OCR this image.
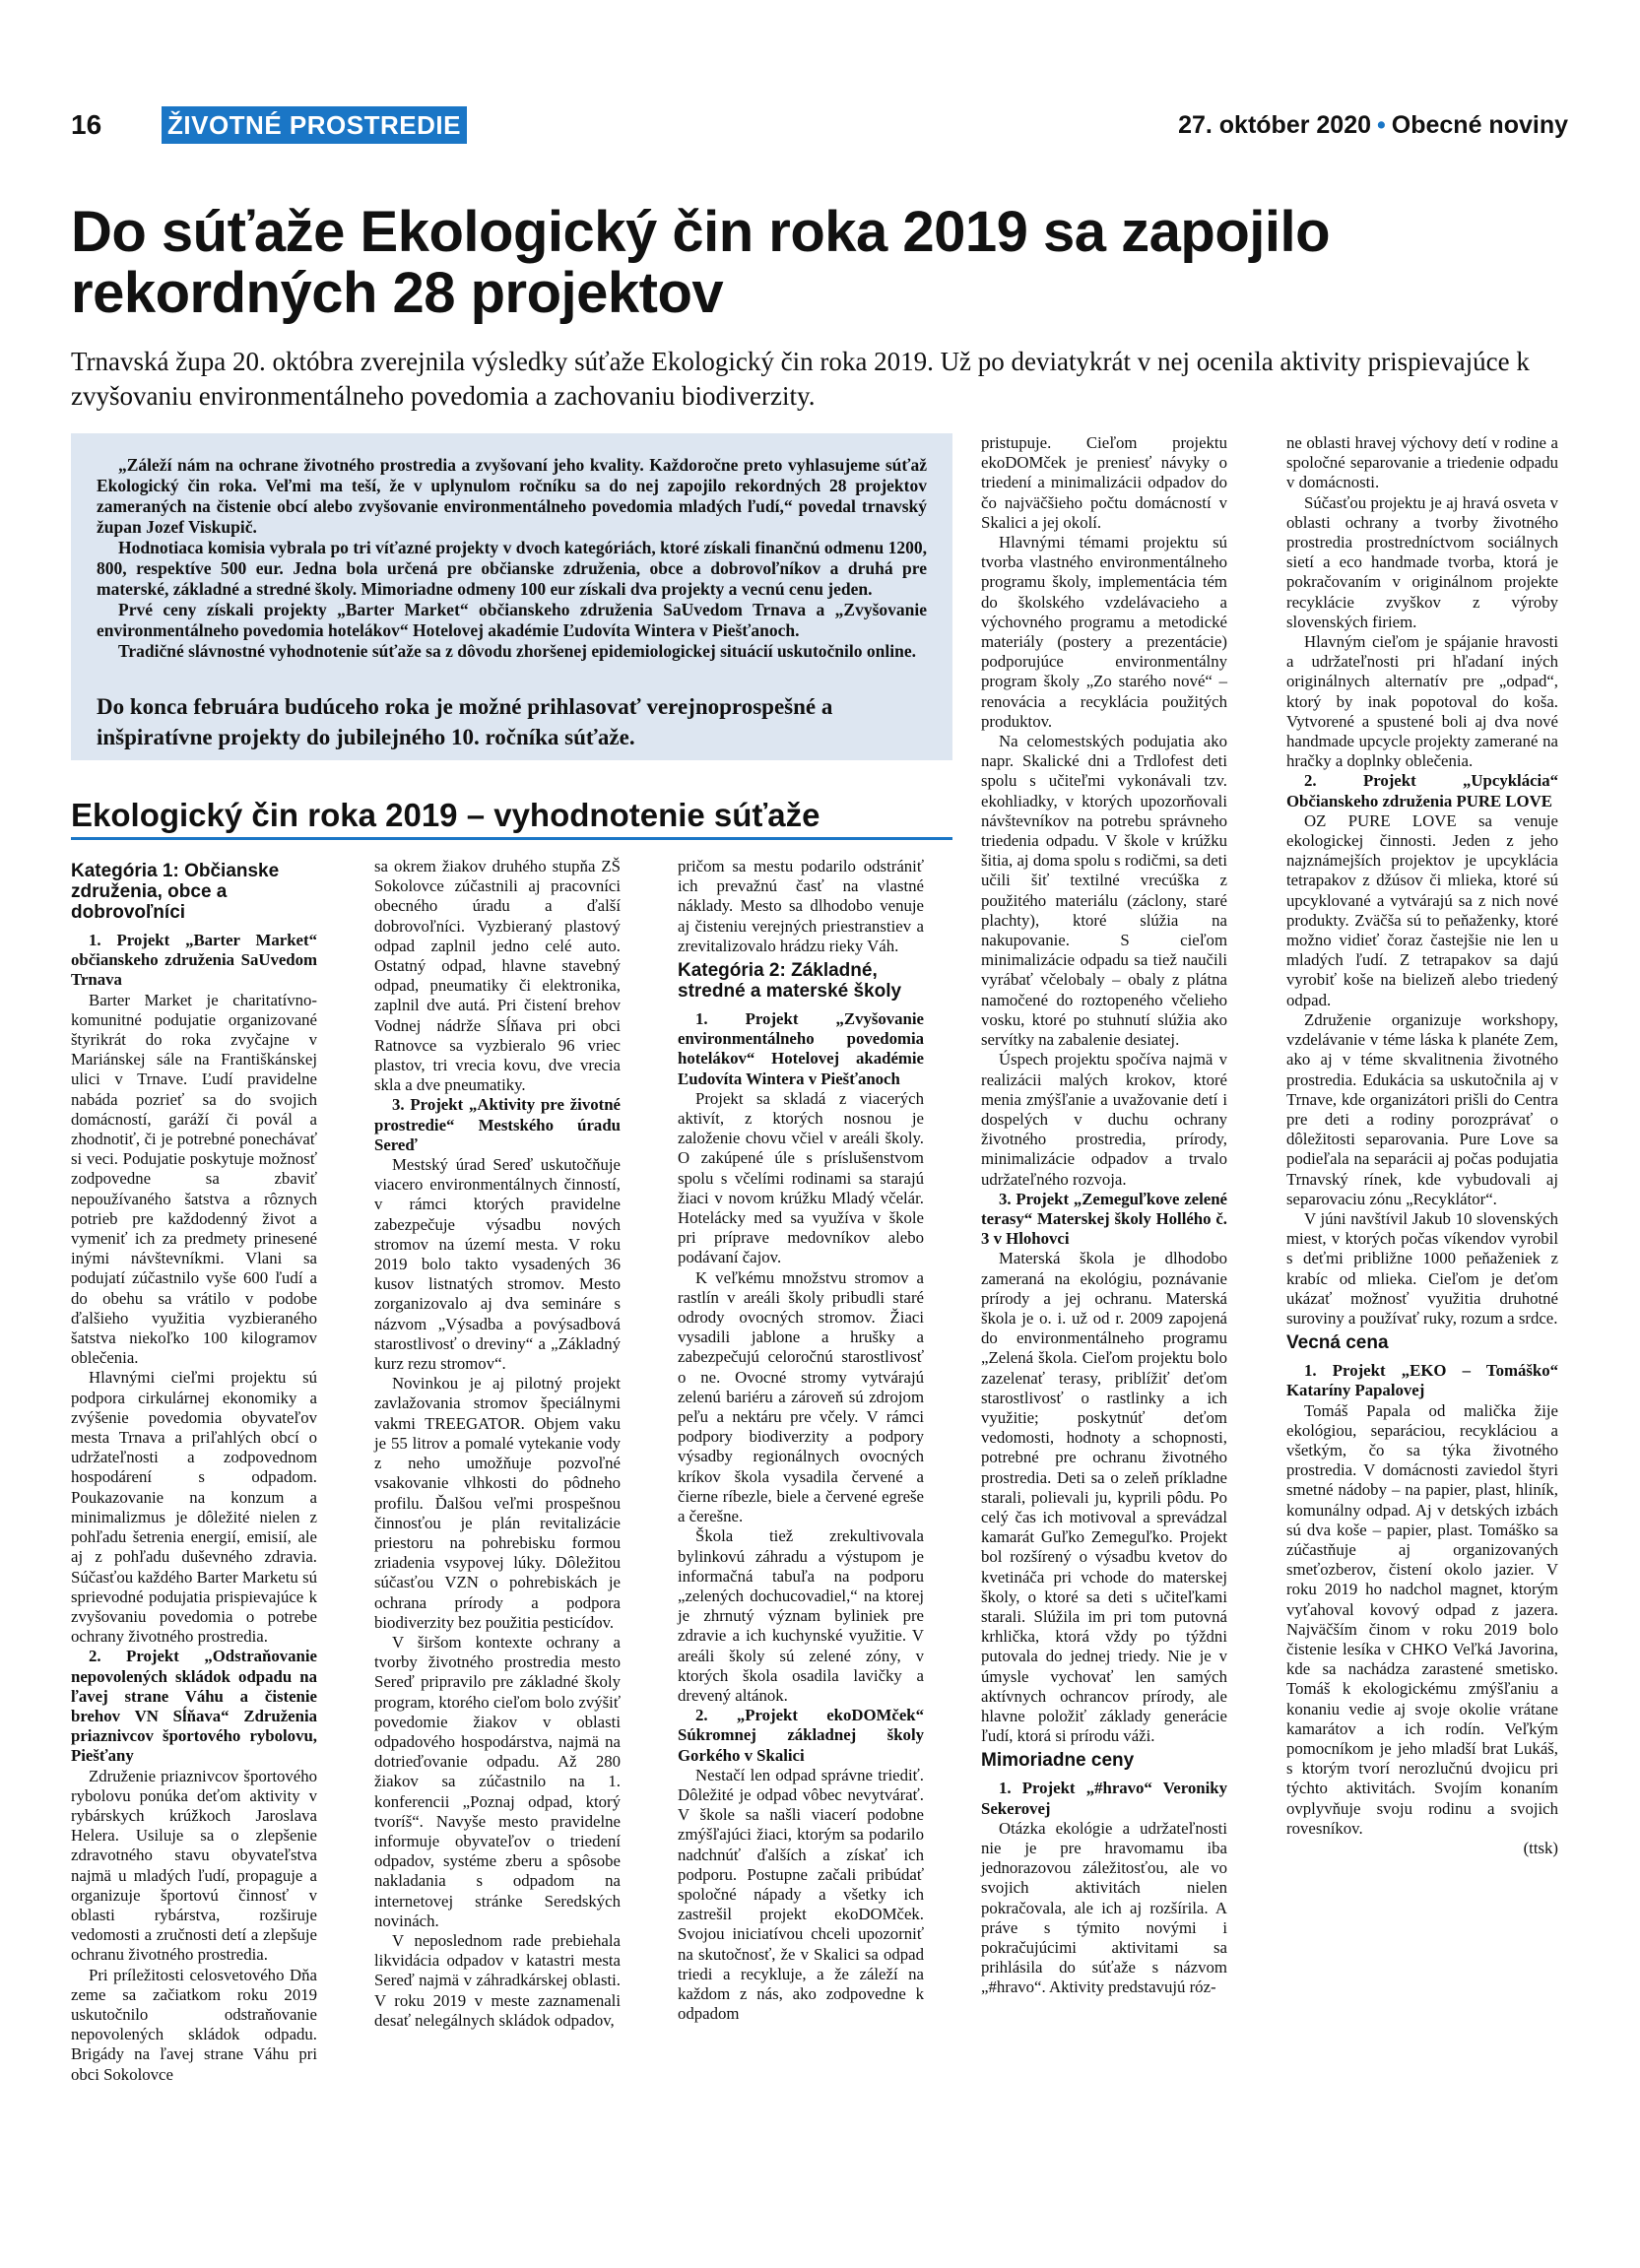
16	ŽIVOTNÉ PROSTREDIE	27. október 2020 • Obecné noviny
Do súťaže Ekologický čin roka 2019 sa zapojilo rekordných 28 projektov

Trnavská župa 20. októbra zverejnila výsledky súťaže Ekologický čin roka 2019. Už po deviatykrát v nej ocenila aktivity prispievajúce k zvyšovaniu environmentálneho povedomia a zachovaniu biodiverzity.

„Záleží nám na ochrane životného prostredia a zvyšovaní jeho kvality. Každoročne preto vyhlasujeme súťaž Ekologický čin roka. Veľmi ma teší, že v uplynulom ročníku sa do nej zapojilo rekordných 28 projektov zameraných na čistenie obcí alebo zvyšovanie environmentálneho povedomia mladých ľudí,“ povedal trnavský župan Jozef Viskupič.

Hodnotiaca komisia vybrala po tri víťazné projekty v dvoch kategóriách, ktoré získali finančnú odmenu 1200, 800, respektíve 500 eur. Jedna bola určená pre občianske združenia, obce a dobrovoľníkov a druhá pre materské, základné a stredné školy. Mimoriadne odmeny 100 eur získali dva projekty a vecnú cenu jeden.

Prvé ceny získali projekty „Barter Market“ občianskeho združenia SaUvedom Trnava a „Zvyšovanie environmentálneho povedomia hotelákov“ Hotelovej akadémie Ľudovíta Wintera v Piešťanoch.

Tradičné slávnostné vyhodnotenie súťaže sa z dôvodu zhoršenej epidemiologickej situácií uskutočnilo online.

Do konca februára budúceho roka je možné prihlasovať verejnoprospešné a inšpiratívne projekty do jubilejného 10. ročníka súťaže.
Ekologický čin roka 2019 – vyhodnotenie súťaže
Kategória 1: Občianske združenia, obce a dobrovoľníci

1. Projekt „Barter Market“ občianskeho združenia SaUvedom Trnava

Barter Market je charitatívno-komunitné podujatie organizované štyrikrát do roka zvyčajne v Mariánskej sále na Františkánskej ulici v Trnave. Ľudí pravidelne nabáda pozrieť sa do svojich domácností, garáží či povál a zhodnotiť, či je potrebné ponechávať si veci. Podujatie poskytuje možnosť zodpovedne sa zbaviť nepoužívaného šatstva a rôznych potrieb pre každodenný život a vymeniť ich za predmety prinesené inými návštevníkmi. Vlani sa podujatí zúčastnilo vyše 600 ľudí a do obehu sa vrátilo v podobe ďalšieho využitia vyzbieraného šatstva niekoľko 100 kilogramov oblečenia.

Hlavnými cieľmi projektu sú podpora cirkulárnej ekonomiky a zvýšenie povedomia obyvateľov mesta Trnava a priľahlých obcí o udržateľnosti a zodpovednom hospodárení s odpadom. Poukazovanie na konzum a minimalizmus je dôležité nielen z pohľadu šetrenia energií, emisií, ale aj z pohľadu duševného zdravia. Súčasťou každého Barter Marketu sú sprievodné podujatia prispievajúce k zvyšovaniu povedomia o potrebe ochrany životného prostredia.

2. Projekt „Odstraňovanie nepovolených skládok odpadu na ľavej strane Váhu a čistenie brehov VN Sĺňava“ Združenia priaznivcov športového rybolovu, Piešťany

Združenie priaznivcov športového rybolovu ponúka deťom aktivity v rybárskych krúžkoch Jaroslava Helera. Usiluje sa o zlepšenie zdravotného stavu obyvateľstva najmä u mladých ľudí, propaguje a organizuje športovú činnosť v oblasti rybárstva, rozširuje vedomosti a zručnosti detí a zlepšuje ochranu životného prostredia.

Pri príležitosti celosvetového Dňa zeme sa začiatkom roku 2019 uskutočnilo odstraňovanie nepovolených skládok odpadu. Brigády na ľavej strane Váhu pri obci Sokolovce

sa okrem žiakov druhého stupňa ZŠ Sokolovce zúčastnili aj pracovníci obecného úradu a ďalší dobrovoľníci. Vyzbieraný plastový odpad zaplnil jedno celé auto. Ostatný odpad, hlavne stavebný odpad, pneumatiky či elektronika, zaplnil dve autá. Pri čistení brehov Vodnej nádrže Sĺňava pri obci Ratnovce sa vyzbieralo 96 vriec plastov, tri vrecia kovu, dve vrecia skla a dve pneumatiky.

3. Projekt „Aktivity pre životné prostredie“ Mestského úradu Sereď

Mestský úrad Sereď uskutočňuje viacero environmentálnych činností, v rámci ktorých pravidelne zabezpečuje výsadbu nových stromov na území mesta. V roku 2019 bolo takto vysadených 36 kusov listnatých stromov. Mesto zorganizovalo aj dva semináre s názvom „Výsadba a povýsadbová starostlivosť o dreviny“ a „Základný kurz rezu stromov“.

Novinkou je aj pilotný projekt zavlažovania stromov špeciálnymi vakmi TREEGATOR. Objem vaku je 55 litrov a pomalé vytekanie vody z neho umožňuje pozvoľné vsakovanie vlhkosti do pôdneho profilu. Ďalšou veľmi prospešnou činnosťou je plán revitalizácie priestoru na pohrebisku formou zriadenia vsypovej lúky. Dôležitou súčasťou VZN o pohrebiskách je ochrana prírody a podpora biodiverzity bez použitia pesticídov.

V širšom kontexte ochrany a tvorby životného prostredia mesto Sereď pripravilo pre základné školy program, ktorého cieľom bolo zvýšiť povedomie žiakov v oblasti odpadového hospodárstva, najmä na dotrieďovanie odpadu. Až 280 žiakov sa zúčastnilo na 1. konferencii „Poznaj odpad, ktorý tvoríš“. Navyše mesto pravidelne informuje obyvateľov o triedení odpadov, systéme zberu a spôsobe nakladania s odpadom na internetovej stránke Seredských novinách.

V neposlednom rade prebiehala likvidácia odpadov v katastri mesta Sereď najmä v záhradkárskej oblasti. V roku 2019 v meste zaznamenali desať nelegálnych skládok odpadov,

pričom sa mestu podarilo odstrániť ich prevažnú časť na vlastné náklady. Mesto sa dlhodobo venuje aj čisteniu verejných priestranstiev a zrevitalizovalo hrádzu rieky Váh.

Kategória 2: Základné, stredné a materské školy

1. Projekt „Zvyšovanie environmentálneho povedomia hotelákov“ Hotelovej akadémie Ľudovíta Wintera v Piešťanoch

Projekt sa skladá z viacerých aktivít, z ktorých nosnou je založenie chovu včiel v areáli školy. O zakúpené úle s príslušenstvom spolu s včelími rodinami sa starajú žiaci v novom krúžku Mladý včelár. Hotelácky med sa využíva v škole pri príprave medovníkov alebo podávaní čajov.

K veľkému množstvu stromov a rastlín v areáli školy pribudli staré odrody ovocných stromov. Žiaci vysadili jablone a hrušky a zabezpečujú celoročnú starostlivosť o ne. Ovocné stromy vytvárajú zelenú bariéru a zároveň sú zdrojom peľu a nektáru pre včely. V rámci podpory biodiverzity a podpory výsadby regionálnych ovocných kríkov škola vysadila červené a čierne ríbezle, biele a červené egreše a čerešne.

Škola tiež zrekultivovala bylinkovú záhradu a výstupom je informačná tabuľa na podporu „zelených dochucovadiel,“ na ktorej je zhrnutý význam byliniek pre zdravie a ich kuchynské využitie. V areáli školy sú zelené zóny, v ktorých škola osadila lavičky a drevený altánok.

2. „Projekt ekoDOMček“ Súkromnej základnej školy Gorkého v Skalici

Nestačí len odpad správne triediť. Dôležité je odpad vôbec nevytvárať. V škole sa našli viacerí podobne zmýšľajúci žiaci, ktorým sa podarilo nadchnúť ďalších a získať ich podporu. Postupne začali pribúdať spoločné nápady a všetky ich zastrešil projekt ekoDOMček. Svojou iniciatívou chceli upozorniť na skutočnosť, že v Skalici sa odpad triedi a recykluje, a že záleží na každom z nás, ako zodpovedne k odpadom

pristupuje. Cieľom projektu ekoDOMček je preniesť návyky o triedení a minimalizácii odpadov do čo najväčšieho počtu domácností v Skalici a jej okolí.

Hlavnými témami projektu sú tvorba vlastného environmentálneho programu školy, implementácia tém do školského vzdelávacieho a výchovného programu a metodické materiály (postery a prezentácie) podporujúce environmentálny program školy „Zo starého nové“ – renovácia a recyklácia použitých produktov.

Na celomestských podujatia ako napr. Skalické dni a Trdlofest deti spolu s učiteľmi vykonávali tzv. ekohliadky, v ktorých upozorňovali návštevníkov na potrebu správneho triedenia odpadu. V škole v krúžku šitia, aj doma spolu s rodičmi, sa deti učili šiť textilné vrecúška z použitého materiálu (záclony, staré plachty), ktoré slúžia na nakupovanie. S cieľom minimalizácie odpadu sa tiež naučili vyrábať včelobaly – obaly z plátna namočené do roztopeného včelieho vosku, ktoré po stuhnutí slúžia ako servítky na zabalenie desiatej.

Úspech projektu spočíva najmä v realizácii malých krokov, ktoré menia zmýšľanie a uvažovanie detí i dospelých v duchu ochrany životného prostredia, prírody, minimalizácie odpadov a trvalo udržateľného rozvoja.

3. Projekt „Zemeguľkove zelené terasy“ Materskej školy Hollého č. 3 v Hlohovci

Materská škola je dlhodobo zameraná na ekológiu, poznávanie prírody a jej ochranu. Materská škola je o. i. už od r. 2009 zapojená do environmentálneho programu „Zelená škola. Cieľom projektu bolo zazelenať terasy, priblížiť deťom starostlivosť o rastlinky a ich využitie; poskytnúť deťom vedomosti, hodnoty a schopnosti, potrebné pre ochranu životného prostredia. Deti sa o zeleň príkladne starali, polievali ju, kyprili pôdu. Po celý čas ich motivoval a sprevádzal kamarát Guľko Zemeguľko. Projekt bol rozšírený o výsadbu kvetov do kvetináča pri vchode do materskej školy, o ktoré sa deti s učiteľkami starali. Slúžila im pri tom putovná krhlička, ktorá vždy po týždni putovala do jednej triedy. Nie je v úmysle vychovať len samých aktívnych ochrancov prírody, ale hlavne položiť základy generácie ľudí, ktorá si prírodu váži.

Mimoriadne ceny

1. Projekt „#hravo“ Veroniky Sekerovej

Otázka ekológie a udržateľnosti nie je pre hravomamu iba jednorazovou záležitosťou, ale vo svojich aktivitách nielen pokračovala, ale ich aj rozšírila. A práve s týmito novými i pokračujúcimi aktivitami sa prihlásila do súťaže s názvom „#hravo“. Aktivity predstavujú róz-

ne oblasti hravej výchovy detí v rodine a spoločné separovanie a triedenie odpadu v domácnosti.

Súčasťou projektu je aj hravá osveta v oblasti ochrany a tvorby životného prostredia prostredníctvom sociálnych sietí a eco handmade tvorba, ktorá je pokračovaním v originálnom projekte recyklácie zvyškov z výroby slovenských firiem.

Hlavným cieľom je spájanie hravosti a udržateľnosti pri hľadaní iných originálnych alternatív pre „odpad“, ktorý by inak popotoval do koša. Vytvorené a spustené boli aj dva nové handmade upcycle projekty zamerané na hračky a doplnky oblečenia.

2. Projekt „Upcyklácia“ Občianskeho združenia PURE LOVE

OZ PURE LOVE sa venuje ekologickej činnosti. Jeden z jeho najznámejších projektov je upcyklácia tetrapakov z džúsov či mlieka, ktoré sú upcyklované a vytvárajú sa z nich nové produkty. Zväčša sú to peňaženky, ktoré možno vidieť čoraz častejšie nie len u mladých ľudí. Z tetrapakov sa dajú vyrobiť koše na bielizeň alebo triedený odpad.

Združenie organizuje workshopy, vzdelávanie v téme láska k planéte Zem, ako aj v téme skvalitnenia životného prostredia. Edukácia sa uskutočnila aj v Trnave, kde organizátori prišli do Centra pre deti a rodiny porozprávať o dôležitosti separovania. Pure Love sa podieľala na separácii aj počas podujatia Trnavský rínek, kde vybudovali aj separovaciu zónu „Recyklátor“.

V júni navštívil Jakub 10 slovenských miest, v ktorých počas víkendov vyrobil s deťmi približne 1000 peňaženiek z krabíc od mlieka. Cieľom je deťom ukázať možnosť využitia druhotné suroviny a používať ruky, rozum a srdce.

Vecná cena

1. Projekt „EKO – Tomáško“ Kataríny Papalovej

Tomáš Papala od malička žije ekológiou, separáciou, recykláciou a všetkým, čo sa týka životného prostredia. V domácnosti zaviedol štyri smetné nádoby – na papier, plast, hliník, komunálny odpad. Aj v detských izbách sú dva koše – papier, plast. Tomáško sa zúčastňuje aj organizovaných smeťozberov, čistení okolo jazier. V roku 2019 ho nadchol magnet, ktorým vyťahoval kovový odpad z jazera. Najväčším činom v roku 2019 bolo čistenie lesíka v CHKO Veľká Javorina, kde sa nachádza zarastené smetisko. Tomáš k ekologickému zmýšľaniu a konaniu vedie aj svoje okolie vrátane kamarátov a ich rodín. Veľkým pomocníkom je jeho mladší brat Lukáš, s ktorým tvorí nerozlučnú dvojicu pri týchto aktivitách. Svojím konaním ovplyvňuje svoju rodinu a svojich rovesníkov.

(ttsk)
